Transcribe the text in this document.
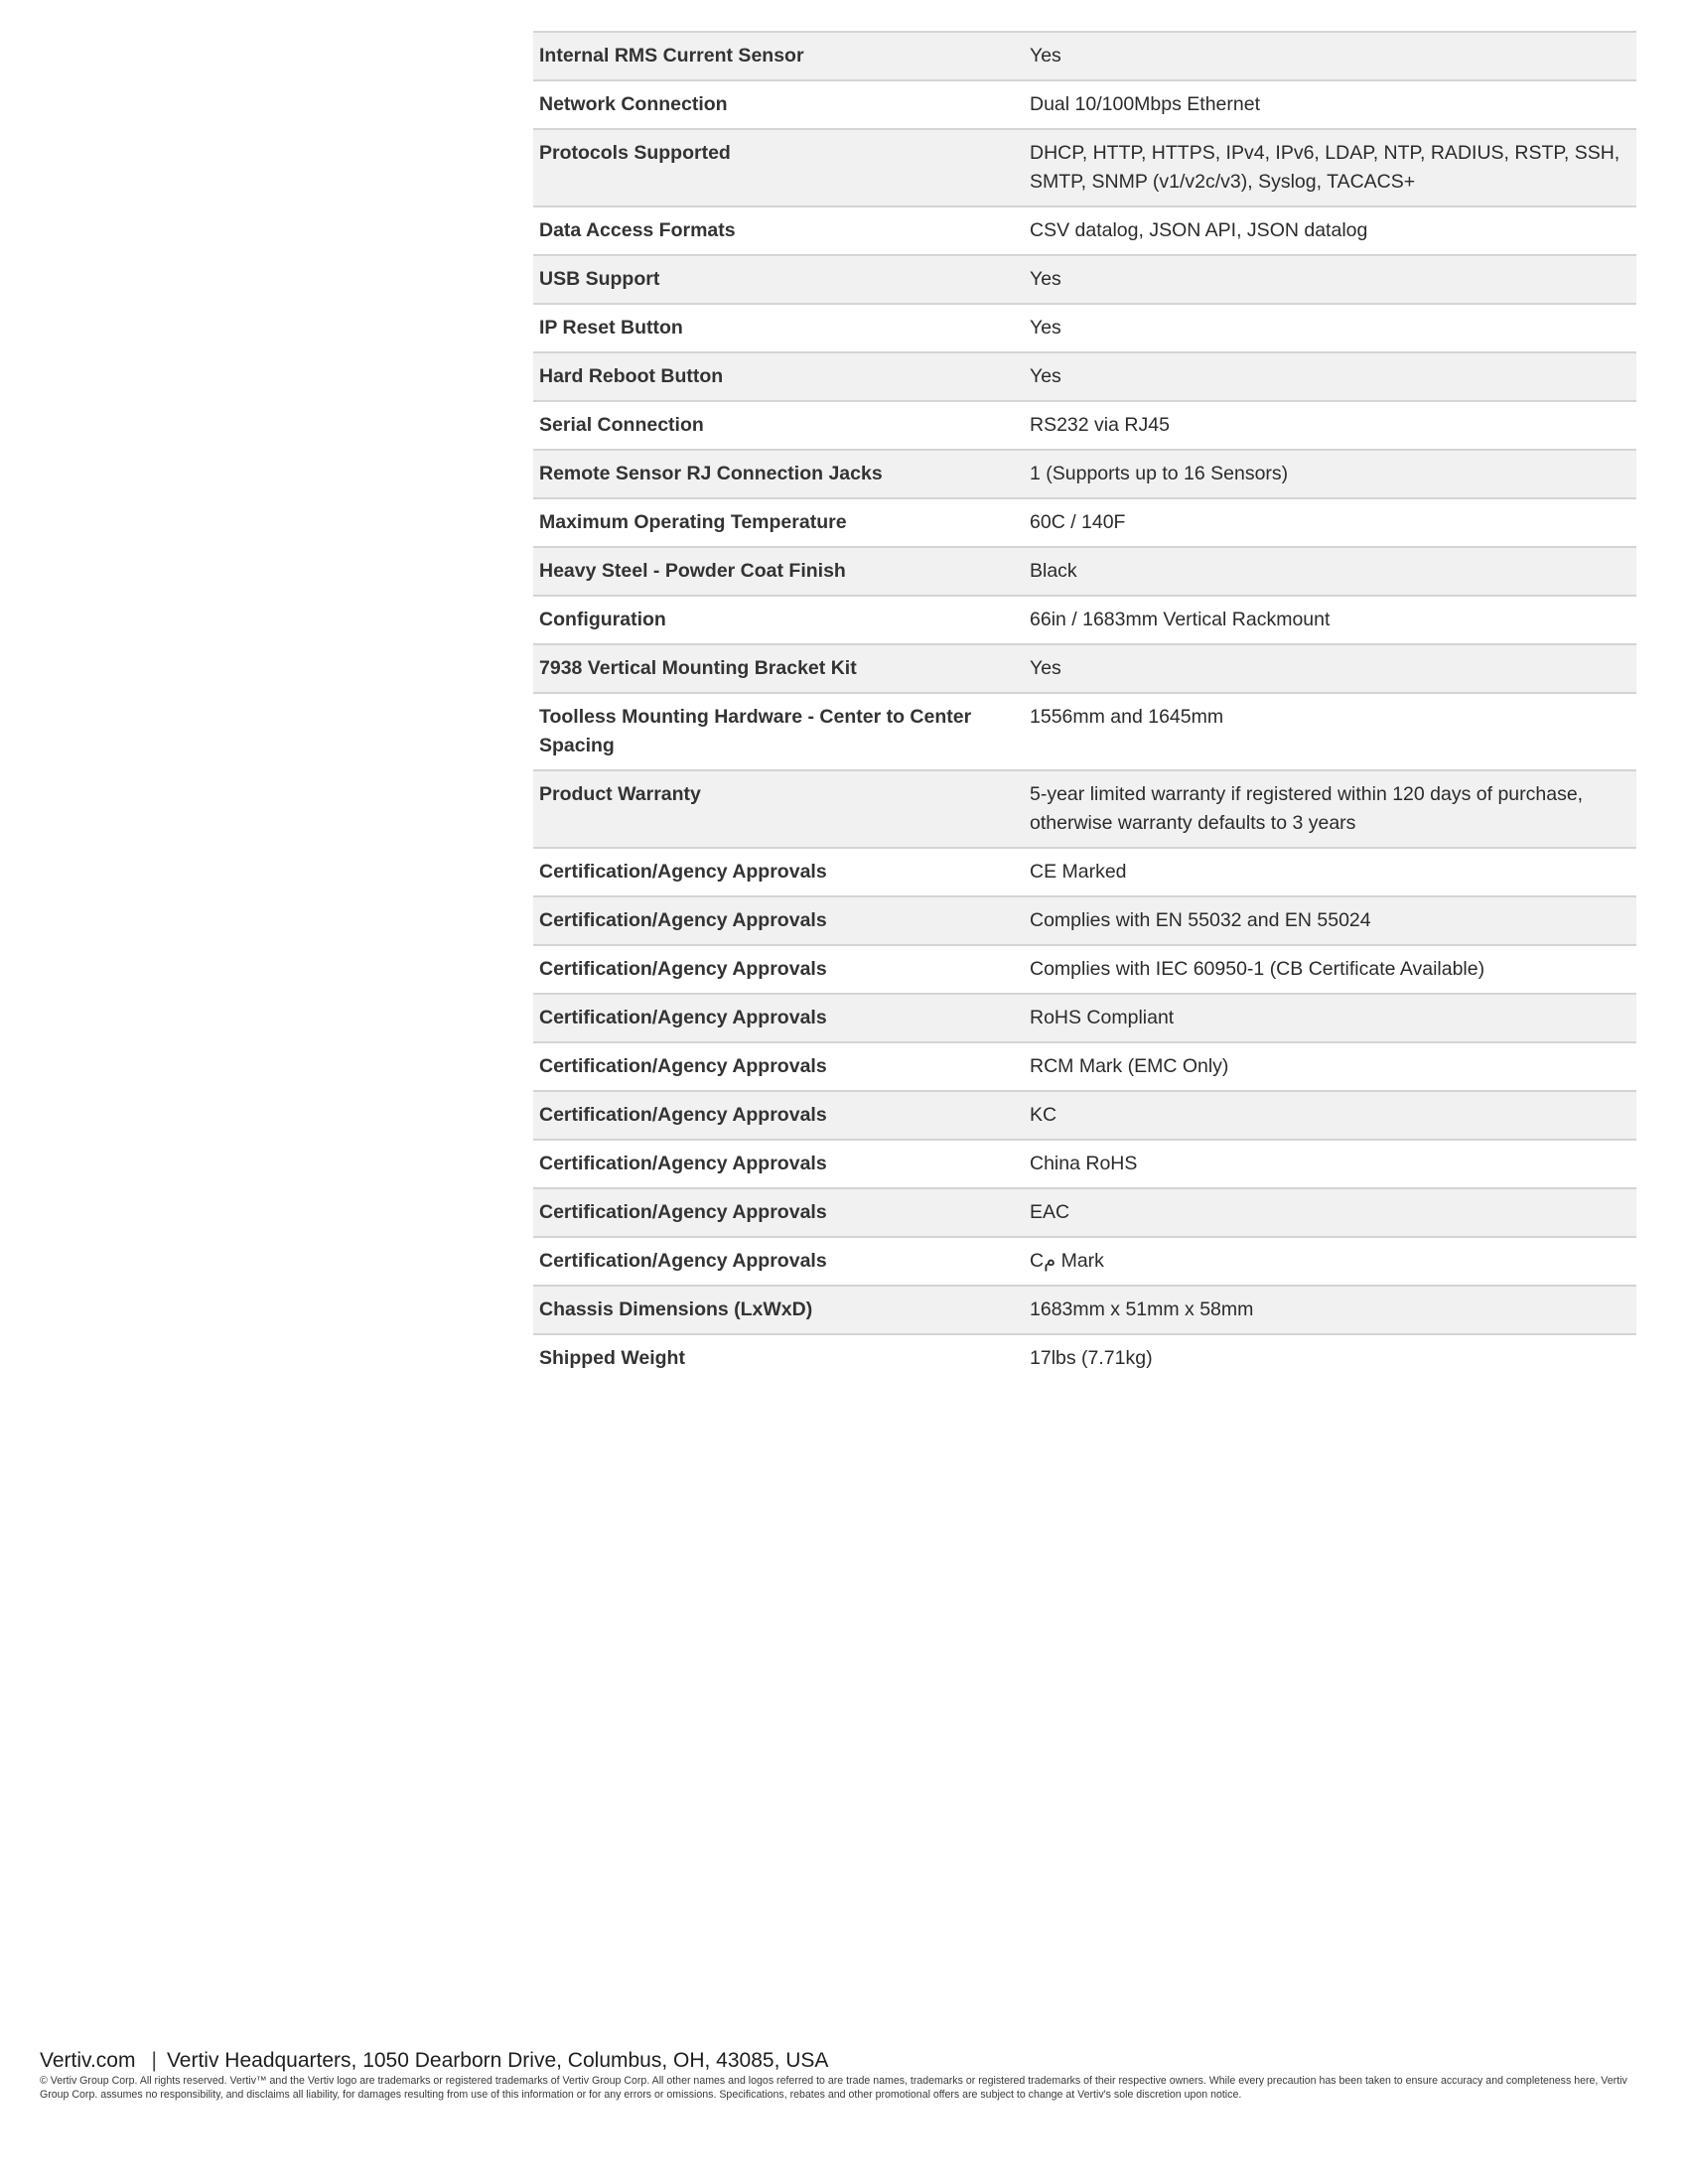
Internal RMS Current Sensor	Yes
Network Connection	Dual 10/100Mbps Ethernet
Protocols Supported	DHCP, HTTP, HTTPS, IPv4, IPv6, LDAP, NTP, RADIUS, RSTP, SSH, SMTP, SNMP (v1/v2c/v3), Syslog, TACACS+
Data Access Formats	CSV datalog, JSON API, JSON datalog
USB Support	Yes
IP Reset Button	Yes
Hard Reboot Button	Yes
Serial Connection	RS232 via RJ45
Remote Sensor RJ Connection Jacks	1 (Supports up to 16 Sensors)
Maximum Operating Temperature	60C / 140F
Heavy Steel - Powder Coat Finish	Black
Configuration	66in / 1683mm Vertical Rackmount
7938 Vertical Mounting Bracket Kit	Yes
Toolless Mounting Hardware - Center to Center Spacing	1556mm and 1645mm
Product Warranty	5-year limited warranty if registered within 120 days of purchase, otherwise warranty defaults to 3 years
Certification/Agency Approvals	CE Marked
Certification/Agency Approvals	Complies with EN 55032 and EN 55024
Certification/Agency Approvals	Complies with IEC 60950-1 (CB Certificate Available)
Certification/Agency Approvals	RoHS Compliant
Certification/Agency Approvals	RCM Mark (EMC Only)
Certification/Agency Approvals	KC
Certification/Agency Approvals	China RoHS
Certification/Agency Approvals	EAC
Certification/Agency Approvals	Cم Mark
Chassis Dimensions (LxWxD)	1683mm x 51mm x 58mm
Shipped Weight	17lbs (7.71kg)
Vertiv.com | Vertiv Headquarters, 1050 Dearborn Drive, Columbus, OH, 43085, USA
© Vertiv Group Corp. All rights reserved. Vertiv™ and the Vertiv logo are trademarks or registered trademarks of Vertiv Group Corp. All other names and logos referred to are trade names, trademarks or registered trademarks of their respective owners. While every precaution has been taken to ensure accuracy and completeness here, Vertiv Group Corp. assumes no responsibility, and disclaims all liability, for damages resulting from use of this information or for any errors or omissions. Specifications, rebates and other promotional offers are subject to change at Vertiv's sole discretion upon notice.
